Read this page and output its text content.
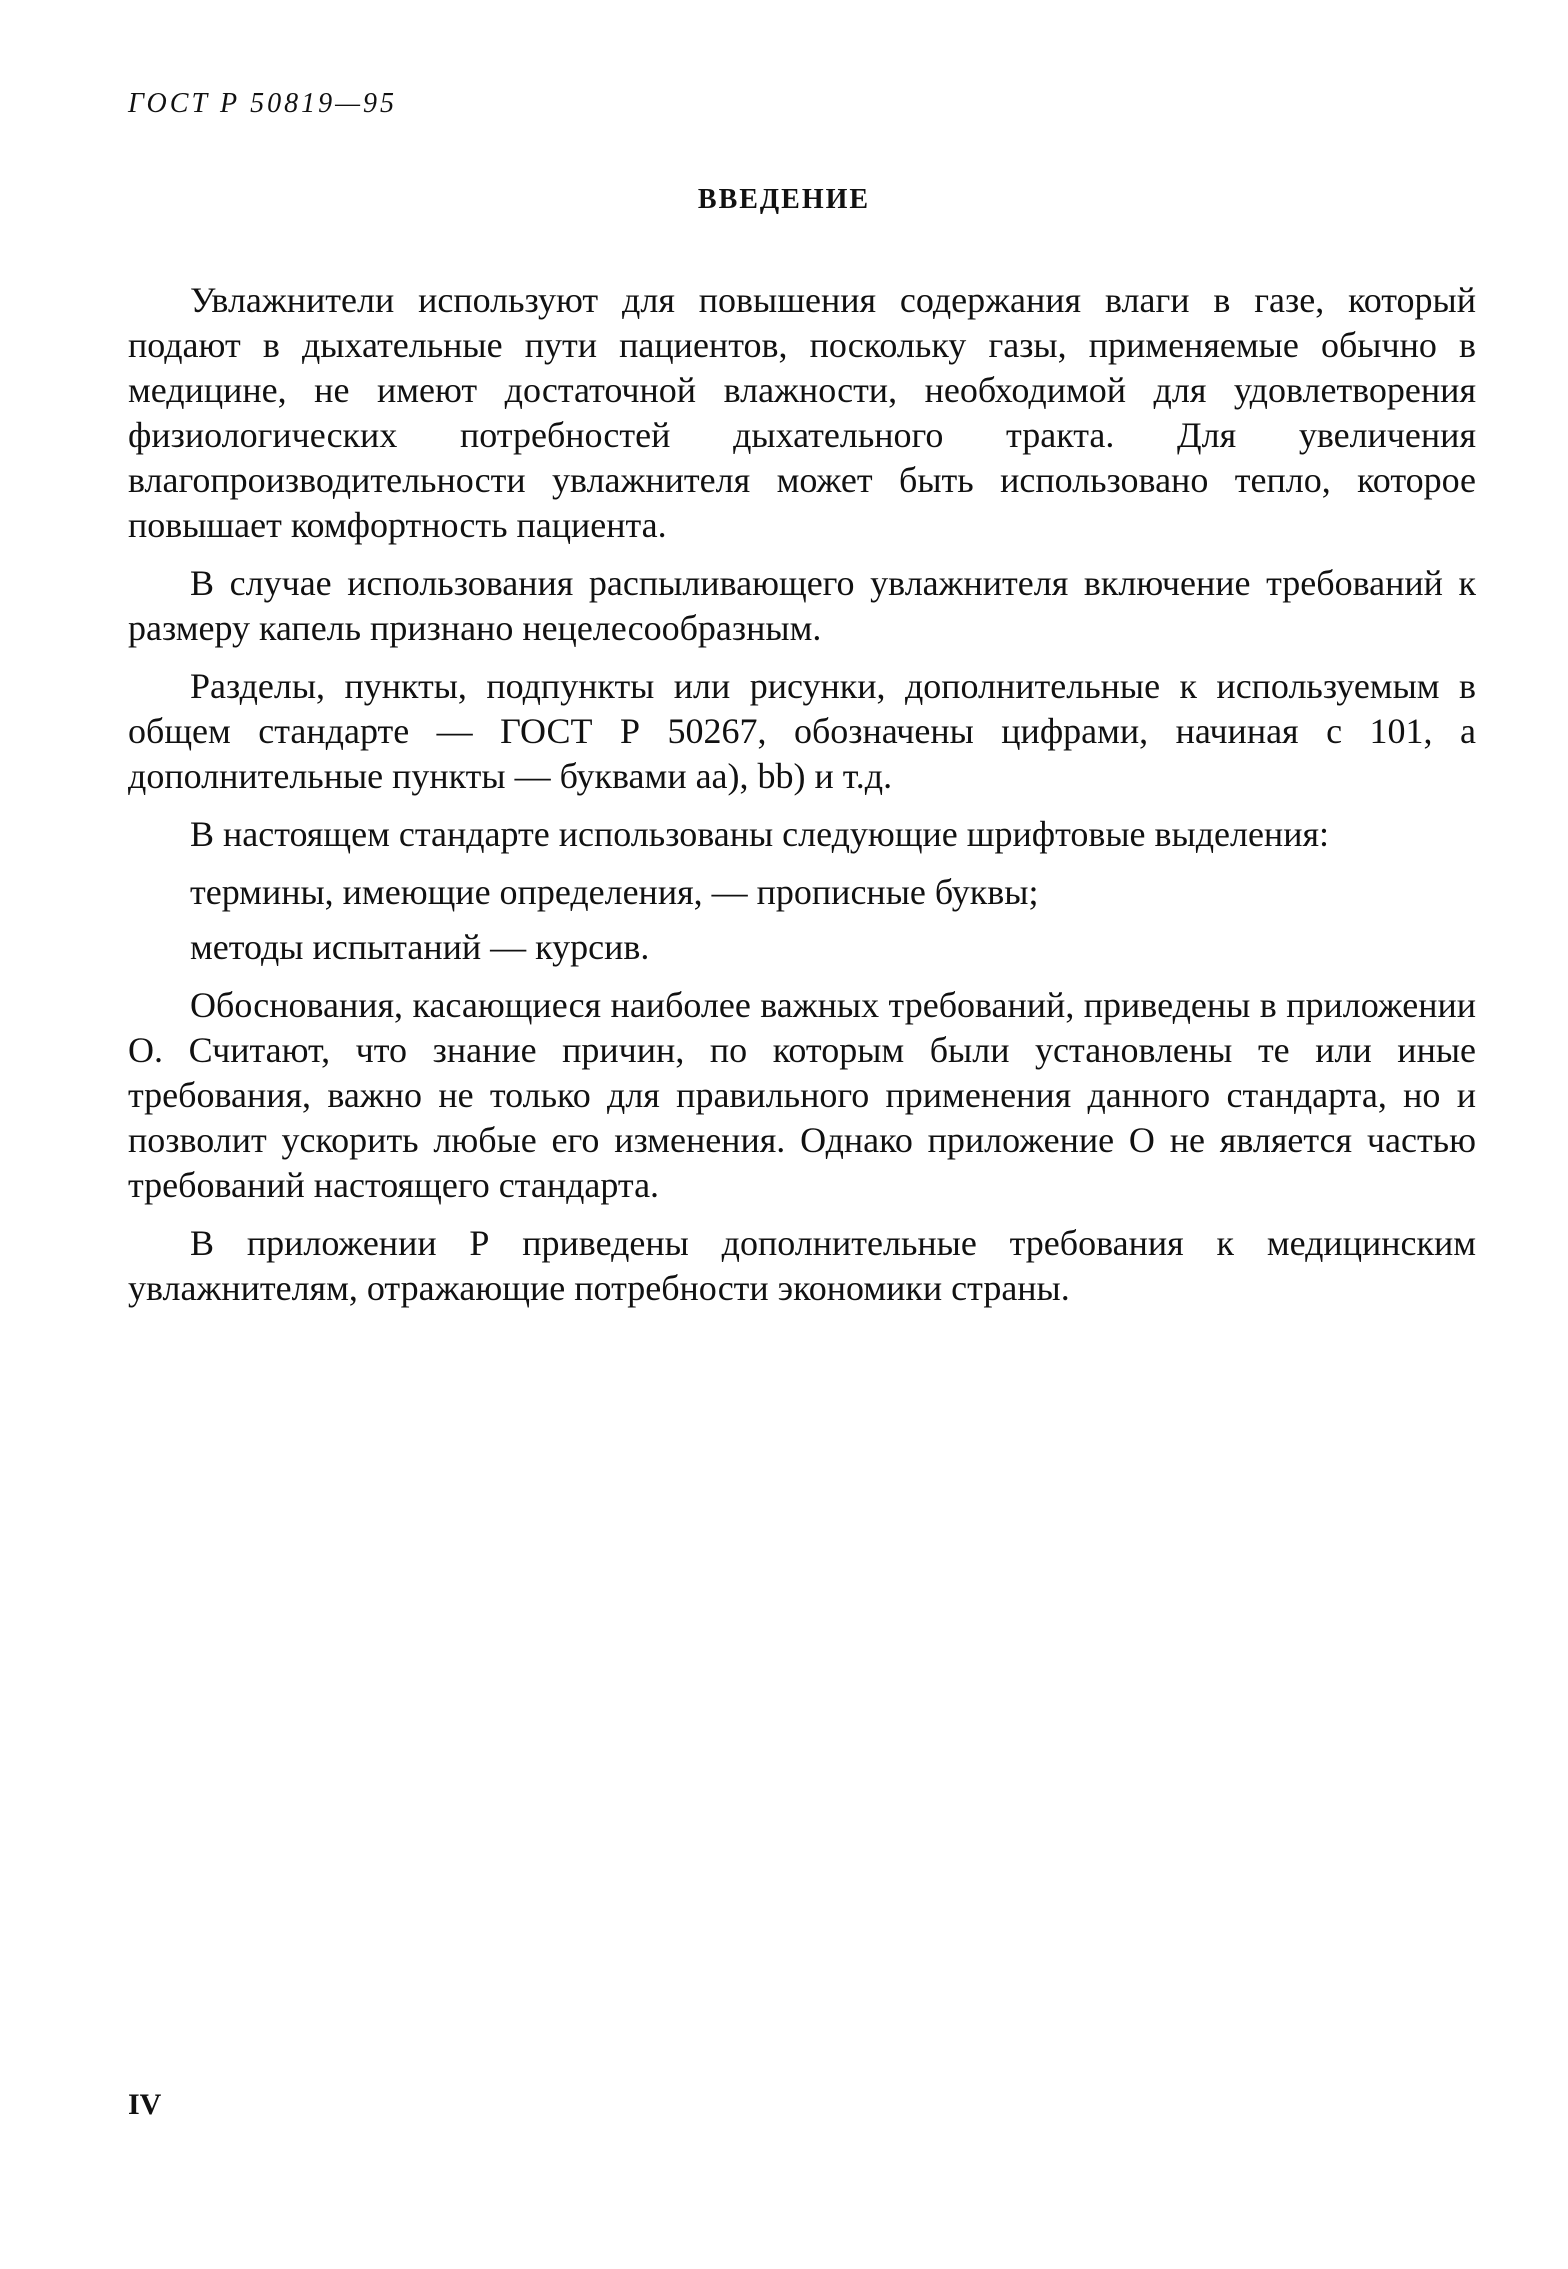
ГОСТ Р 50819—95
ВВЕДЕНИЕ

Увлажнители используют для повышения содержания влаги в газе, который подают в дыхательные пути пациентов, поскольку газы, применяемые обычно в медицине, не имеют достаточной влажности, необходимой для удовлетворения физиологических потребностей дыхательного тракта. Для увеличения влагопроизводительности увлажнителя может быть использовано тепло, которое повышает комфортность пациента.

В случае использования распыливающего увлажнителя включение требований к размеру капель признано нецелесообразным.

Разделы, пункты, подпункты или рисунки, дополнительные к используемым в общем стандарте — ГОСТ Р 50267, обозначены цифрами, начиная с 101, а дополнительные пункты — буквами аа), bb) и т.д.

В настоящем стандарте использованы следующие шрифтовые выделения:

термины, имеющие определения, — прописные буквы;

методы испытаний — курсив.

Обоснования, касающиеся наиболее важных требований, приведены в приложении О. Считают, что знание причин, по которым были установлены те или иные требования, важно не только для правильного применения данного стандарта, но и позволит ускорить любые его изменения. Однако приложение О не является частью требований настоящего стандарта.

В приложении Р приведены дополнительные требования к медицинским увлажнителям, отражающие потребности экономики страны.

IV
